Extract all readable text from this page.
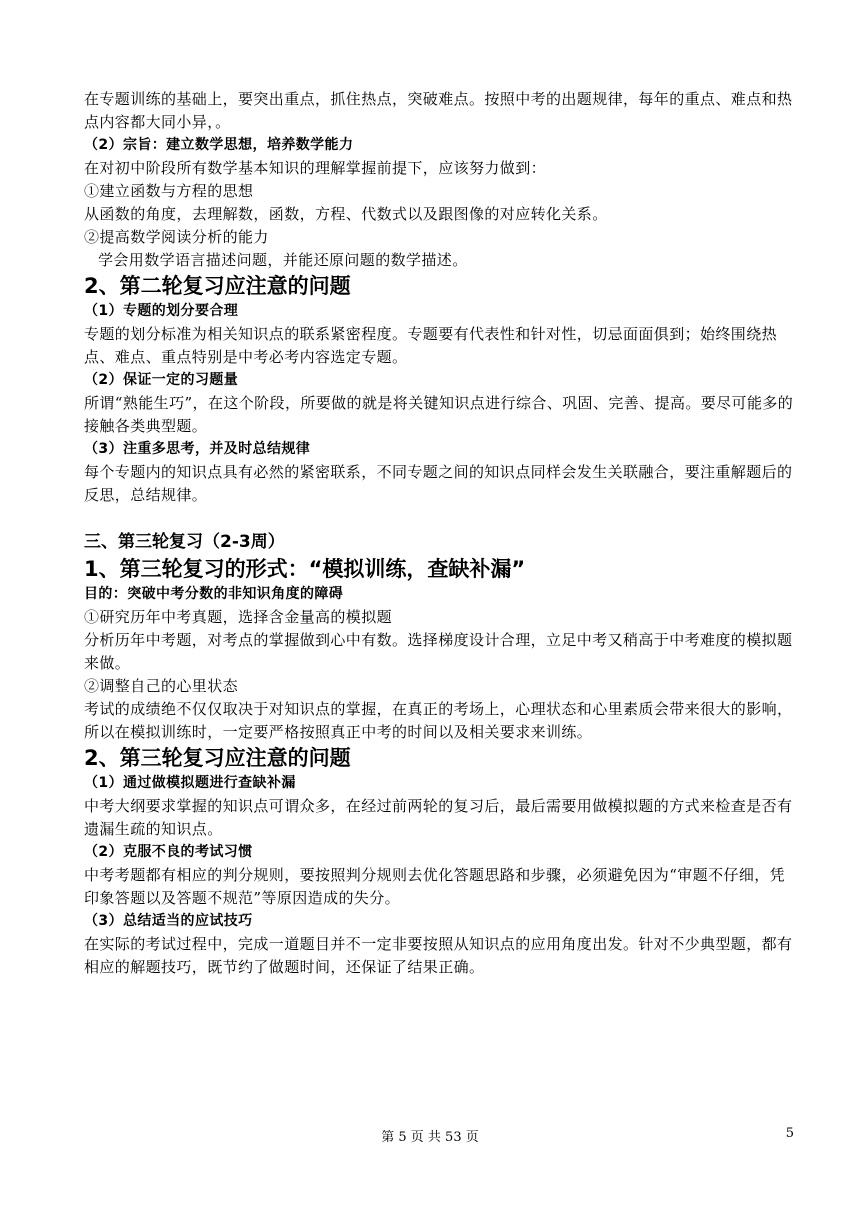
在专题训练的基础上，要突出重点，抓住热点，突破难点。按照中考的出题规律，每年的重点、难点和热点内容都大同小异，。

（2）宗旨：建立数学思想，培养数学能力

在对初中阶段所有数学基本知识的理解掌握前提下，应该努力做到：

①建立函数与方程的思想

从函数的角度，去理解数，函数，方程、代数式以及跟图像的对应转化关系。

②提高数学阅读分析的能力

学会用数学语言描述问题，并能还原问题的数学描述。

2、第二轮复习应注意的问题

（1）专题的划分要合理

专题的划分标准为相关知识点的联系紧密程度。专题要有代表性和针对性，切忌面面俱到；始终围绕热点、难点、重点特别是中考必考内容选定专题。

（2）保证一定的习题量

所谓“熟能生巧”，在这个阶段，所要做的就是将关键知识点进行综合、巩固、完善、提高。要尽可能多的接触各类典型题。

（3）注重多思考，并及时总结规律

每个专题内的知识点具有必然的紧密联系，不同专题之间的知识点同样会发生关联融合，要注重解题后的反思，总结规律。

三、第三轮复习（2-3周）
1、第三轮复习的形式：“模拟训练，查缺补漏”

目的：突破中考分数的非知识角度的障碍

①研究历年中考真题，选择含金量高的模拟题

分析历年中考题，对考点的掌握做到心中有数。选择梯度设计合理，立足中考又稍高于中考难度的模拟题来做。

②调整自己的心里状态

考试的成绩绝不仅仅取决于对知识点的掌握，在真正的考场上，心理状态和心里素质会带来很大的影响，所以在模拟训练时，一定要严格按照真正中考的时间以及相关要求来训练。

2、第三轮复习应注意的问题

（1）通过做模拟题进行查缺补漏

中考大纲要求掌握的知识点可谓众多，在经过前两轮的复习后，最后需要用做模拟题的方式来检查是否有遗漏生疏的知识点。

（2）克服不良的考试习惯

中考考题都有相应的判分规则，要按照判分规则去优化答题思路和步骤，必须避免因为“审题不仔细，凭印象答题以及答题不规范”等原因造成的失分。

（3）总结适当的应试技巧

在实际的考试过程中，完成一道题目并不一定非要按照从知识点的应用角度出发。针对不少典型题，都有相应的解题技巧，既节约了做题时间，还保证了结果正确。

第 5 页 共 53 页	5
